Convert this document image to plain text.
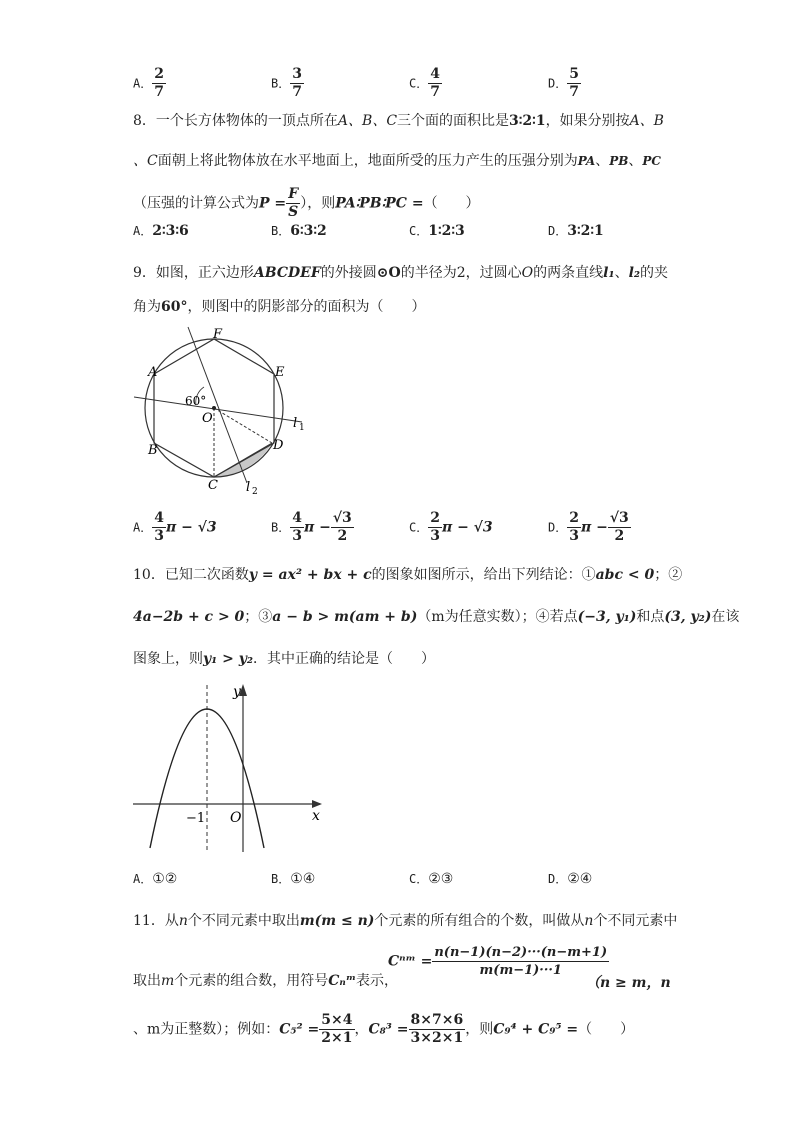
A． $\frac{2}{7}$	B． $\frac{3}{7}$	C． $\frac{4}{7}$	D． $\frac{5}{7}$
8．一个长方体物体的一顶点所在A、B、C三个面的面积比是3∶2∶1，如果分别按A、B
、C面朝上将此物体放在水平地面上，地面所受的压力产生的压强分别为PA、PB、PC
（压强的计算公式为$P = \frac{F}{S}$ ），则PA∶PB∶PC =（　　）
A．2∶3∶6	B．6∶3∶2	C．1∶2∶3	D．3∶2∶1
9．如图，正六边形ABCDEF的外接圆⊙O的半径为2，过圆心O的两条直线l₁、l₂的夹
角为60°，则图中的阴影部分的面积为（　　）
A
B
C
D
E
F
O
60°
l 1
l 2
A． $\frac{4}{3}$ π − √3	B． $\frac{4}{3}$ $\pi - \frac{√3}{2}$	C． $\frac{2}{3}$ π − √3	D． $\frac{2}{3}$ $\pi - \frac{√3}{2}$
10．已知二次函数y = ax² + bx + c的图象如图所示，给出下列结论：①abc < 0；②
4a−2b + c > 0；③a − b > m(am + b)（m为任意实数）；④若点(−3, y₁)和点(3, y₂)在该
图象上，则y₁ > y₂．其中正确的结论是（　　）
y
x
O
−1
A．①②	B．①④	C．②③	D．②④
11．从n个不同元素中取出m(m ≤ n)个元素的所有组合的个数，叫做从n个不同元素中
Cⁿᵐ = $\frac{n(n-1)(n-2)\cdot\cdot\cdot(n-m+1)}{m(m-1)\cdot\cdot\cdot 1}$
取出m个元素的组合数，用符号Cₙᵐ表示，	（n ≥ m，n
、m为正整数）；例如：$C_5^2 = \frac{5\times 4}{2\times 1}$ ，$C_8^3 = \frac{8\times 7\times 6}{3\times 2\times 1}$ ，则C₉⁴ + C₉⁵ =（　　）
